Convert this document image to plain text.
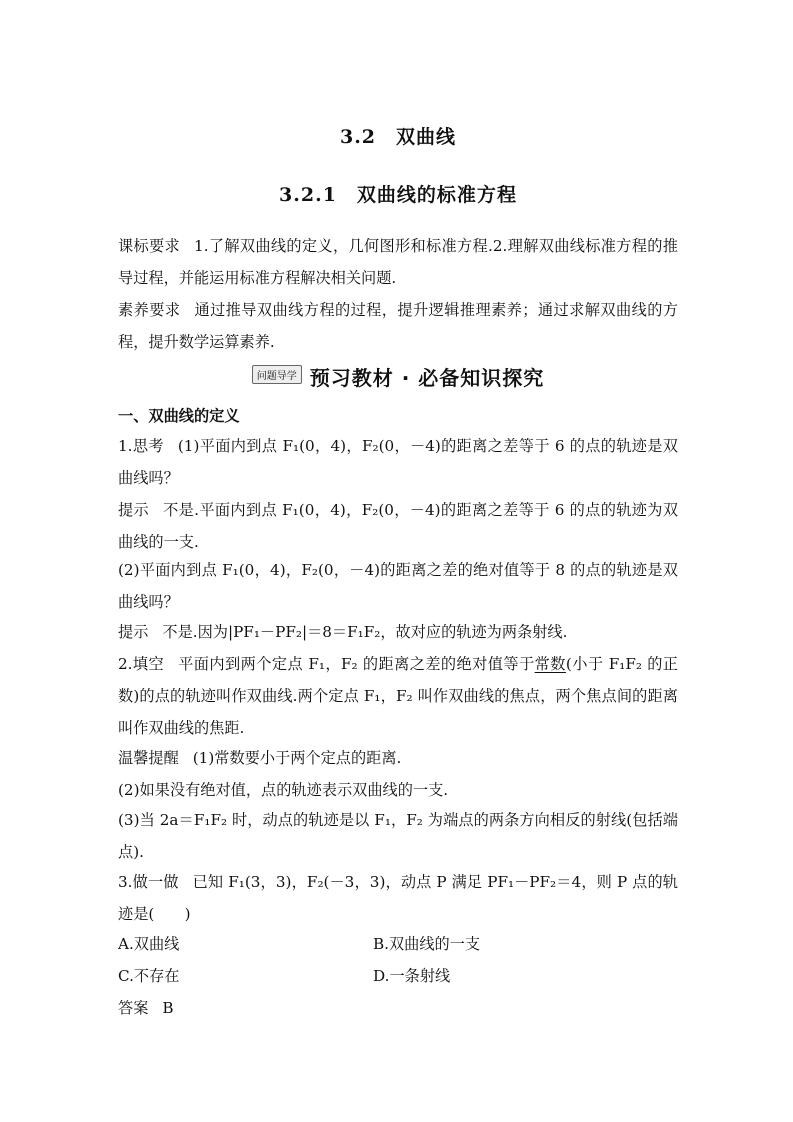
3.2　双曲线
3.2.1　双曲线的标准方程
课标要求 1.了解双曲线的定义，几何图形和标准方程.2.理解双曲线标准方程的推导过程，并能运用标准方程解决相关问题.
素养要求 通过推导双曲线方程的过程，提升逻辑推理素养；通过求解双曲线的方程，提升数学运算素养.
问题导学 预习教材 · 必备知识探究
一、双曲线的定义
1.思考 (1)平面内到点 F₁(0，4)，F₂(0，－4)的距离之差等于 6 的点的轨迹是双曲线吗？
提示 不是.平面内到点 F₁(0，4)，F₂(0，－4)的距离之差等于 6 的点的轨迹为双曲线的一支.
(2)平面内到点 F₁(0，4)，F₂(0，－4)的距离之差的绝对值等于 8 的点的轨迹是双曲线吗？
提示 不是.因为|PF₁－PF₂|＝8＝F₁F₂，故对应的轨迹为两条射线.
2.填空 平面内到两个定点 F₁，F₂ 的距离之差的绝对值等于常数(小于 F₁F₂ 的正数)的点的轨迹叫作双曲线.两个定点 F₁，F₂ 叫作双曲线的焦点，两个焦点间的距离叫作双曲线的焦距.
温馨提醒 (1)常数要小于两个定点的距离.
(2)如果没有绝对值，点的轨迹表示双曲线的一支.
(3)当 2a＝F₁F₂ 时，动点的轨迹是以 F₁，F₂ 为端点的两条方向相反的射线(包括端点).
3.做一做 已知 F₁(3，3)，F₂(－3，3)，动点 P 满足 PF₁－PF₂＝4，则 P 点的轨迹是(　　)
A.双曲线	B.双曲线的一支
C.不存在	D.一条射线
答案 B
